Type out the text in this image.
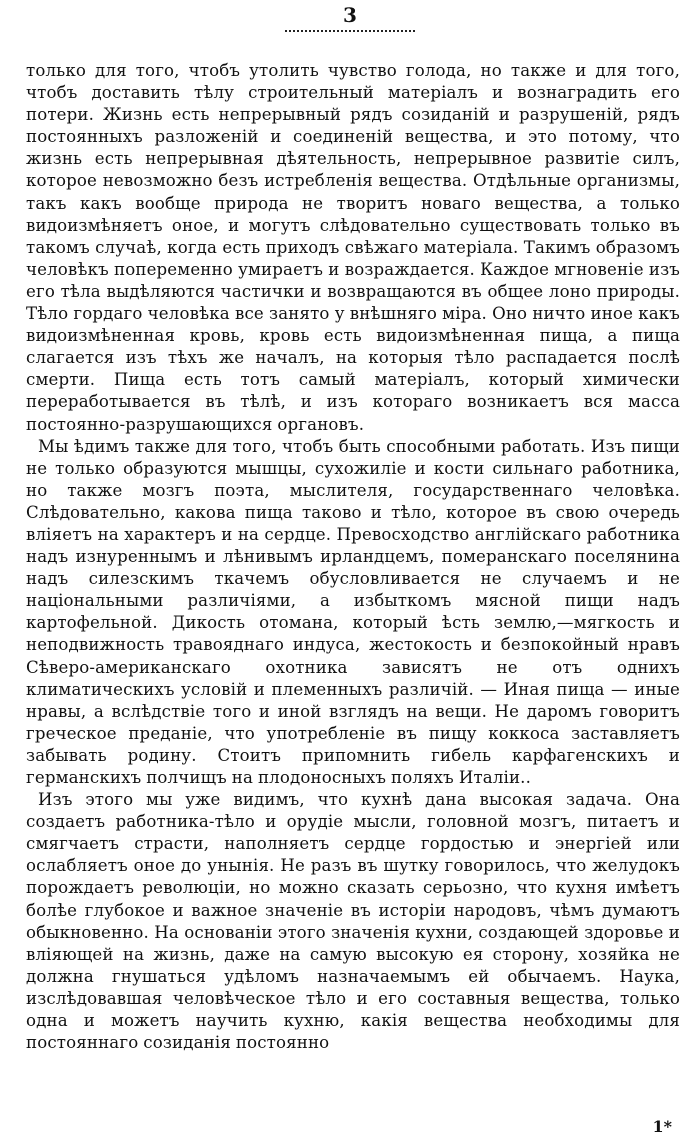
3

только для того, чтобъ утолить чувство голода, но также и для того, чтобъ доставить тѣлу строительный матеріалъ и вознаградить его потери. Жизнь есть непрерывный рядъ созиданій и разрушеній, рядъ постоянныхъ разложеній и соединеній вещества, и это потому, что жизнь есть непрерывная дѣятельность, непрерывное развитіе силъ, которое невозможно безъ истребленія вещества. Отдѣльные организмы, такъ какъ вообще природа не творитъ новаго вещества, а только видоизмѣняетъ оное, и могутъ слѣдовательно существовать только въ такомъ случаѣ, когда есть приходъ свѣжаго матеріала. Такимъ образомъ человѣкъ попеременно умираетъ и возраждается. Каждое мгновеніе изъ его тѣла выдѣляются частички и возвращаются въ общее лоно природы. Тѣло гордаго человѣка все занято у внѣшняго міра. Оно ничто иное какъ видоизмѣненная кровь, кровь есть видоизмѣненная пища, а пища слагается изъ тѣхъ же началъ, на которыя тѣло распадается послѣ смерти. Пища есть тотъ самый матеріалъ, который химически переработывается въ тѣлѣ, и изъ котораго возникаетъ вся масса постоянно-разрушающихся органовъ.

Мы ѣдимъ также для того, чтобъ быть способными работать. Изъ пищи не только образуются мышцы, сухожиліе и кости сильнаго работника, но также мозгъ поэта, мыслителя, государственнаго человѣка. Слѣдовательно, какова пища таково и тѣло, которое въ свою очередь вліяетъ на характеръ и на сердце. Превосходство англійскаго работника надъ изнуреннымъ и лѣнивымъ ирландцемъ, померанскаго поселянина надъ силезскимъ ткачемъ обусловливается не случаемъ и не національными различіями, а избыткомъ мясной пищи надъ картофельной. Дикость отомана, который ѣсть землю,—мягкость и неподвижность травояднаго индуса, жестокость и безпокойный нравъ Сѣверо-американскаго охотника зависятъ не отъ однихъ климатическихъ условій и племенныхъ различій. — Иная пища — иные нравы, а вслѣдствіе того и иной взглядъ на вещи. Не даромъ говоритъ греческое преданіе, что употребленіе въ пищу коккоса заставляетъ забывать родину. Стоитъ припомнить гибель карфагенскихъ и германскихъ полчищъ на плодоносныхъ поляхъ Италіи..

Изъ этого мы уже видимъ, что кухнѣ дана высокая задача. Она создаетъ работника-тѣло и орудіе мысли, головной мозгъ, питаетъ и смягчаетъ страсти, наполняетъ сердце гордостью и энергіей или ослабляетъ оное до унынія. Не разъ въ шутку говорилось, что желудокъ порождаетъ революціи, но можно сказать серьозно, что кухня имѣетъ болѣе глубокое и важное значеніе въ исторіи народовъ, чѣмъ думаютъ обыкновенно. На основаніи этого значенія кухни, создающей здоровье и вліяющей на жизнь, даже на самую высокую ея сторону, хозяйка не должна гнушаться удѣломъ назначаемымъ ей обычаемъ. Наука, изслѣдовавшая человѣческое тѣло и его составныя вещества, только одна и можетъ научить кухню, какія вещества необходимы для постояннаго созиданія постоянно

1*
